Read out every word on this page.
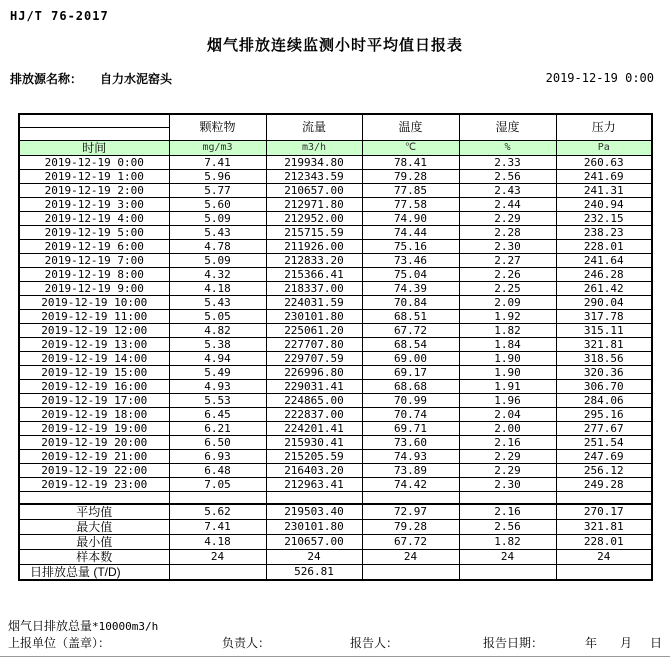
HJ/T 76-2017
烟气排放连续监测小时平均值日报表
排放源名称： 自力水泥窑头	2019-12-19 0:00
	颗粒物	流量	温度	湿度	压力

时间	mg/m3	m3/h	℃	%	Pa
2019-12-19 0:00	7.41	219934.80	78.41	2.33	260.63
2019-12-19 1:00	5.96	212343.59	79.28	2.56	241.69
2019-12-19 2:00	5.77	210657.00	77.85	2.43	241.31
2019-12-19 3:00	5.60	212971.80	77.58	2.44	240.94
2019-12-19 4:00	5.09	212952.00	74.90	2.29	232.15
2019-12-19 5:00	5.43	215715.59	74.44	2.28	238.23
2019-12-19 6:00	4.78	211926.00	75.16	2.30	228.01
2019-12-19 7:00	5.09	212833.20	73.46	2.27	241.64
2019-12-19 8:00	4.32	215366.41	75.04	2.26	246.28
2019-12-19 9:00	4.18	218337.00	74.39	2.25	261.42
2019-12-19 10:00	5.43	224031.59	70.84	2.09	290.04
2019-12-19 11:00	5.05	230101.80	68.51	1.92	317.78
2019-12-19 12:00	4.82	225061.20	67.72	1.82	315.11
2019-12-19 13:00	5.38	227707.80	68.54	1.84	321.81
2019-12-19 14:00	4.94	229707.59	69.00	1.90	318.56
2019-12-19 15:00	5.49	226996.80	69.17	1.90	320.36
2019-12-19 16:00	4.93	229031.41	68.68	1.91	306.70
2019-12-19 17:00	5.53	224865.00	70.99	1.96	284.06
2019-12-19 18:00	6.45	222837.00	70.74	2.04	295.16
2019-12-19 19:00	6.21	224201.41	69.71	2.00	277.67
2019-12-19 20:00	6.50	215930.41	73.60	2.16	251.54
2019-12-19 21:00	6.93	215205.59	74.93	2.29	247.69
2019-12-19 22:00	6.48	216403.20	73.89	2.29	256.12
2019-12-19 23:00	7.05	212963.41	74.42	2.30	249.28

平均值	5.62	219503.40	72.97	2.16	270.17
最大值	7.41	230101.80	79.28	2.56	321.81
最小值	4.18	210657.00	67.72	1.82	228.01
样本数	24	24	24	24	24
日排放总量 (T/D)		526.81			
烟气日排放总量*10000m3/h
上报单位（盖章）：	负责人：	报告人：	报告日期：	年 月 日
